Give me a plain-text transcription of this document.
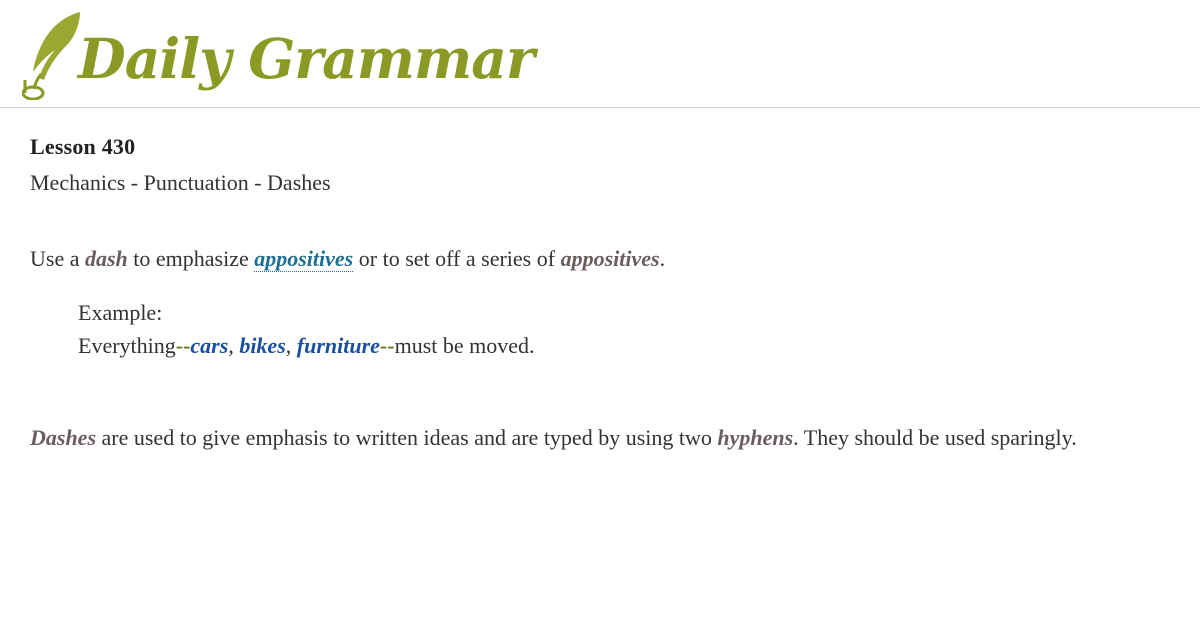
Daily Grammar
Lesson 430
Mechanics - Punctuation - Dashes

Use a dash to emphasize appositives or to set off a series of appositives.

Example:
Everything--cars, bikes, furniture--must be moved.

Dashes are used to give emphasis to written ideas and are typed by using two hyphens. They should be used sparingly.
